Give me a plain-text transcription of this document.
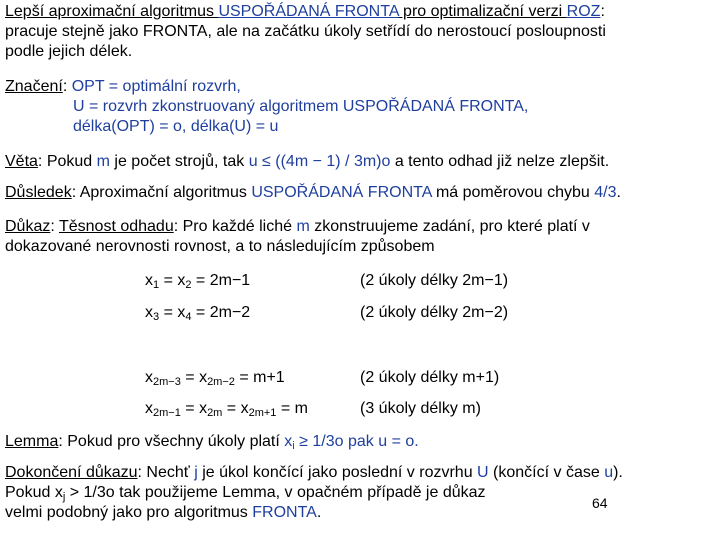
Lepší aproximační algoritmus USPOŘÁDANÁ FRONTA pro optimalizační verzi ROZ:
pracuje stejně jako FRONTA, ale na začátku úkoly setřídí do nerostoucí posloupnosti
podle jejich délek.
Značení: OPT = optimální rozvrh,
U = rozvrh zkonstruovaný algoritmem USPOŘÁDANÁ FRONTA,
délka(OPT) = o, délka(U) = u
Věta: Pokud m je počet strojů, tak u ≤ ((4m − 1) / 3m)o a tento odhad již nelze zlepšit.
Důsledek: Aproximační algoritmus USPOŘÁDANÁ FRONTA má poměrovou chybu 4/3.
Důkaz: Těsnost odhadu: Pro každé liché m zkonstruujeme zadání, pro které platí v
dokazované nerovnosti rovnost, a to následujícím způsobem
$x_1 = x_2 = 2m-1$	(2 úkoly délky 2m−1)
$x_3 = x_4 = 2m-2$	(2 úkoly délky 2m−2)
$x_{2m-3} = x_{2m-2} = m+1$	(2 úkoly délky m+1)
$x_{2m-1} = x_{2m} = x_{2m+1} = m$	(3 úkoly délky m)
Lemma: Pokud pro všechny úkoly platí $x_i \ge 1/3o$ pak u = o.
Dokončení důkazu: Nechť j je úkol končící jako poslední v rozvrhu U (končící v čase u).
Pokud $x_j > 1/3o$ tak použijeme Lemma, v opačném případě je důkaz
velmi podobný jako pro algoritmus FRONTA.
64
